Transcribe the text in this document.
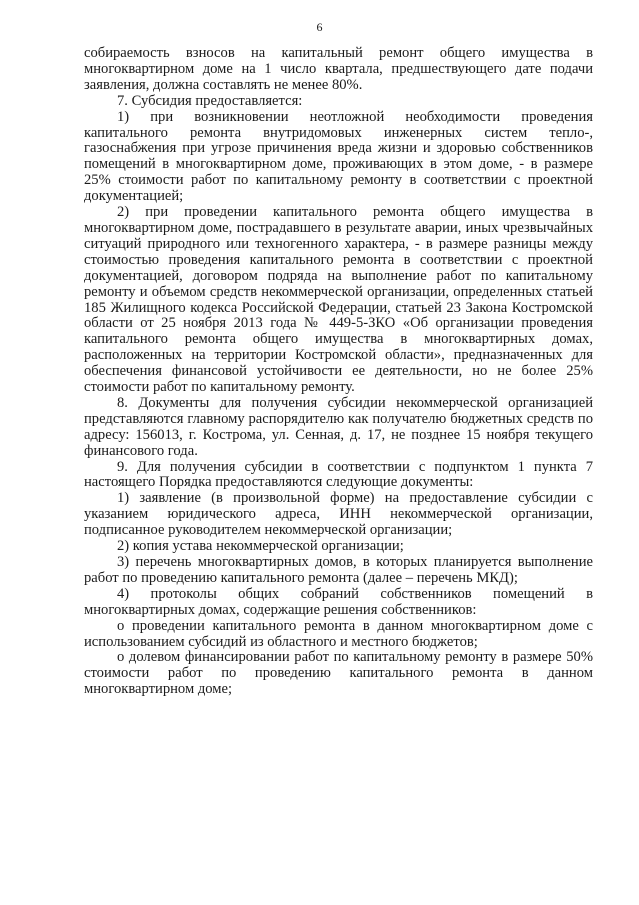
6

собираемость взносов на капитальный ремонт общего имущества в многоквартирном доме на 1 число квартала, предшествующего дате подачи заявления, должна составлять не менее 80%.

7. Субсидия предоставляется:

1) при возникновении неотложной необходимости проведения капитального ремонта внутридомовых инженерных систем тепло-, газоснабжения при угрозе причинения вреда жизни и здоровью собственников помещений в многоквартирном доме, проживающих в этом доме, - в размере 25% стоимости работ по капитальному ремонту в соответствии с проектной документацией;

2) при проведении капитального ремонта общего имущества в многоквартирном доме, пострадавшего в результате аварии, иных чрезвычайных ситуаций природного или техногенного характера, - в размере разницы между стоимостью проведения капитального ремонта в соответствии с проектной документацией, договором подряда на выполнение работ по капитальному ремонту и объемом средств некоммерческой организации, определенных статьей 185 Жилищного кодекса Российской Федерации, статьей 23 Закона Костромской области от 25 ноября 2013 года № 449-5-ЗКО «Об организации проведения капитального ремонта общего имущества в многоквартирных домах, расположенных на территории Костромской области», предназначенных для обеспечения финансовой устойчивости ее деятельности, но не более 25% стоимости работ по капитальному ремонту.

8. Документы для получения субсидии некоммерческой организацией представляются главному распорядителю как получателю бюджетных средств по адресу: 156013, г. Кострома, ул. Сенная, д. 17, не позднее 15 ноября текущего финансового года.

9. Для получения субсидии в соответствии с подпунктом 1 пункта 7 настоящего Порядка предоставляются следующие документы:

1) заявление (в произвольной форме) на предоставление субсидии с указанием юридического адреса, ИНН некоммерческой организации, подписанное руководителем некоммерческой организации;

2) копия устава некоммерческой организации;

3) перечень многоквартирных домов, в которых планируется выполнение работ по проведению капитального ремонта (далее – перечень МКД);

4) протоколы общих собраний собственников помещений в многоквартирных домах, содержащие решения собственников:

о проведении капитального ремонта в данном многоквартирном доме с использованием субсидий из областного и местного бюджетов;

о долевом финансировании работ по капитальному ремонту в размере 50% стоимости работ по проведению капитального ремонта в данном многоквартирном доме;
